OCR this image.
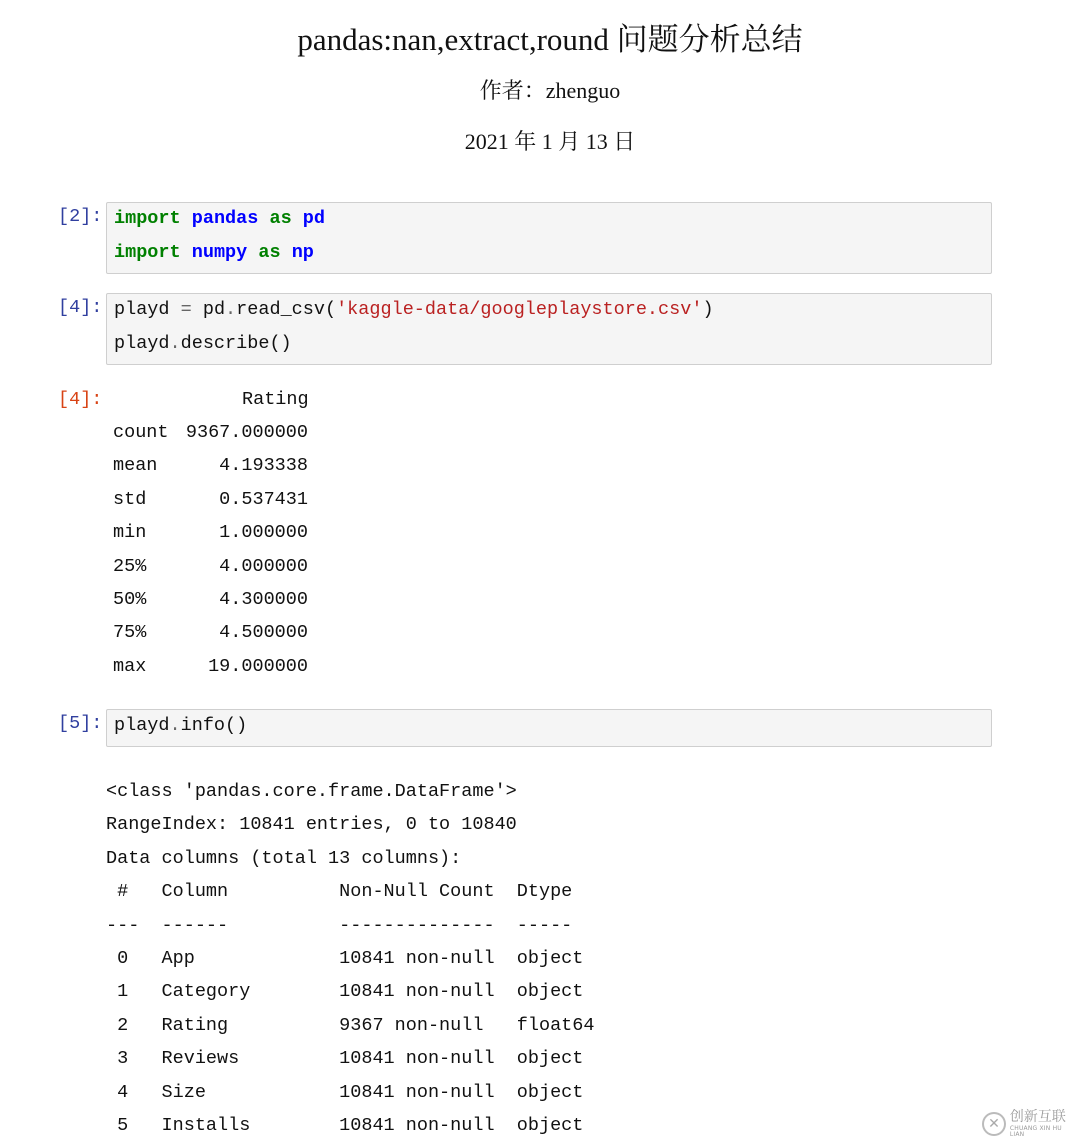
pandas:nan,extract,round 问题分析总结
作者：zhenguo
2021 年 1 月 13 日
[2]: import pandas as pd
import numpy as np
[4]: playd = pd.read_csv('kaggle-data/googleplaystore.csv')
playd.describe()
[4]:	Rating
count 9367.000000
mean	4.193338
std	0.537431
min	1.000000
25%	4.000000
50%	4.300000
75%	4.500000
max	19.000000
[5]: playd.info()
<class 'pandas.core.frame.DataFrame'>
RangeIndex: 10841 entries, 0 to 10840
Data columns (total 13 columns):
#   Column          Non-Null Count  Dtype
---  ------          --------------  -----
0   App             10841 non-null  object
1   Category        10841 non-null  object
2   Rating          9367 non-null   float64
3   Reviews         10841 non-null  object
4   Size            10841 non-null  object
5   Installs        10841 non-null  object	✕ 创新互联
CHUANG XIN HU LIAN
